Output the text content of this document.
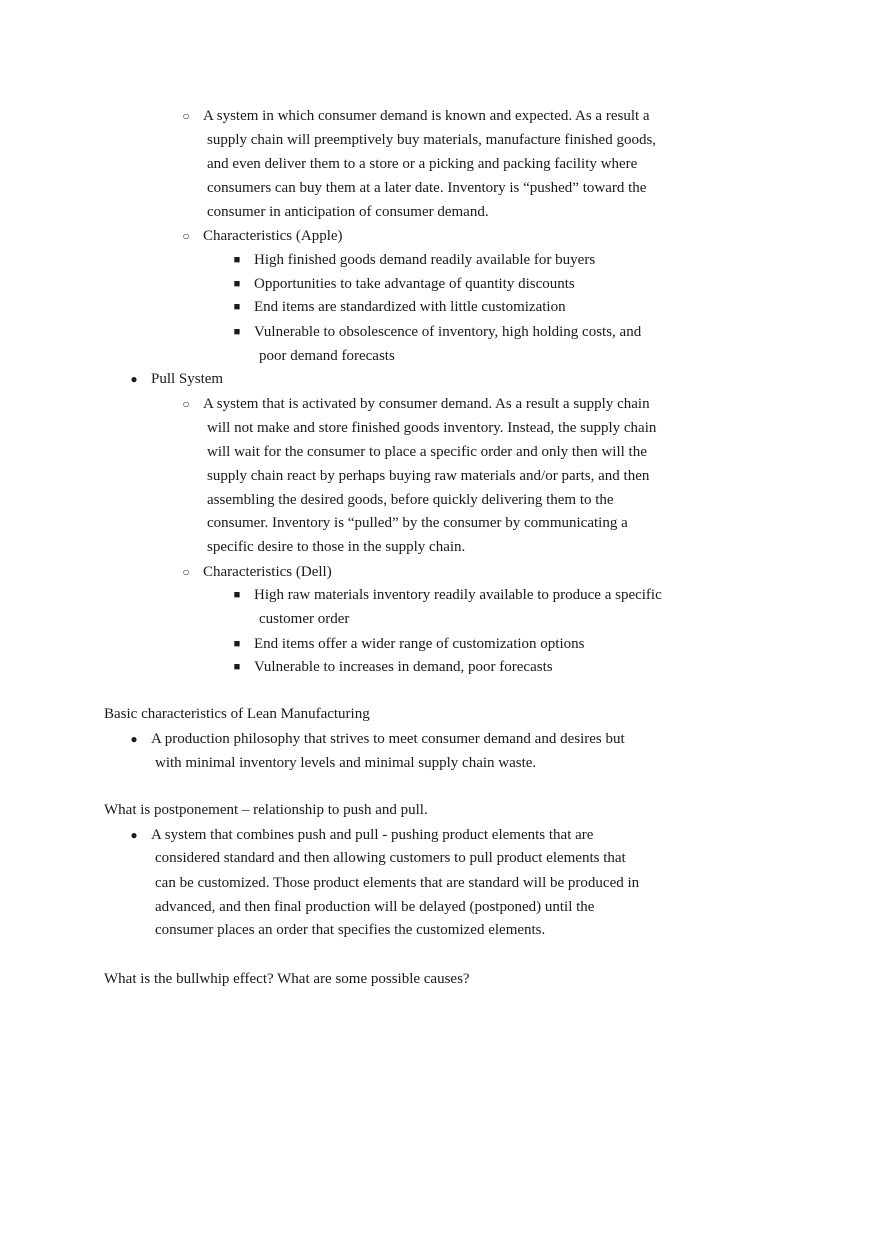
○ A system in which consumer demand is known and expected. As a result a
supply chain will preemptively buy materials, manufacture finished goods,
and even deliver them to a store or a picking and packing facility where
consumers can buy them at a later date. Inventory is “pushed” toward the
consumer in anticipation of consumer demand.
○ Characteristics (Apple)
■ High finished goods demand readily available for buyers
■ Opportunities to take advantage of quantity discounts
■ End items are standardized with little customization
■ Vulnerable to obsolescence of inventory, high holding costs, and
poor demand forecasts
● Pull System
○ A system that is activated by consumer demand. As a result a supply chain
will not make and store finished goods inventory. Instead, the supply chain
will wait for the consumer to place a specific order and only then will the
supply chain react by perhaps buying raw materials and/or parts, and then
assembling the desired goods, before quickly delivering them to the
consumer. Inventory is “pulled” by the consumer by communicating a
specific desire to those in the supply chain.
○ Characteristics (Dell)
■ High raw materials inventory readily available to produce a specific
customer order
■ End items offer a wider range of customization options
■ Vulnerable to increases in demand, poor forecasts
Basic characteristics of Lean Manufacturing
● A production philosophy that strives to meet consumer demand and desires but
with minimal inventory levels and minimal supply chain waste.
What is postponement – relationship to push and pull.
● A system that combines push and pull - pushing product elements that are
considered standard and then allowing customers to pull product elements that
can be customized. Those product elements that are standard will be produced in
advanced, and then final production will be delayed (postponed) until the
consumer places an order that specifies the customized elements.
What is the bullwhip effect? What are some possible causes?
